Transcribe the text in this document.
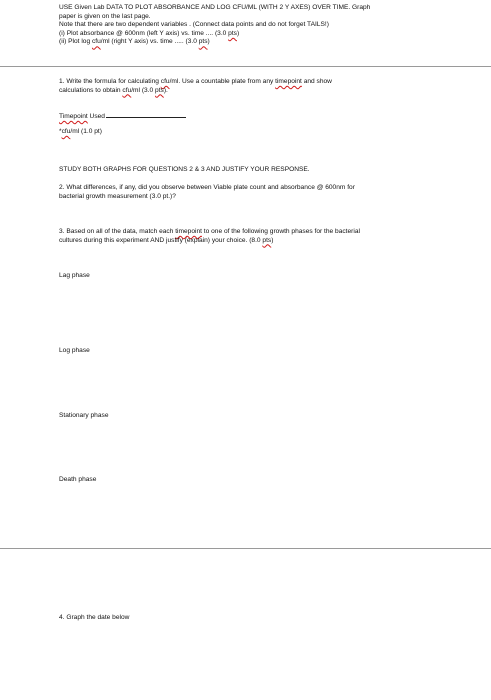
USE Given Lab DATA TO PLOT ABSORBANCE AND LOG CFU/ML (WITH 2 Y AXES) OVER TIME. Graph
paper is given on the last page.
Note that there are two dependent variables . (Connect data points and do not forget TAILS!)
(i) Plot absorbance @ 600nm (left Y axis) vs. time .... (3.0 pts)
(ii) Plot log cfu/ml (right Y axis) vs. time ..... (3.0 pts)
1. Write the formula for calculating cfu/ml. Use a countable plate from any timepoint and show
calculations to obtain cfu/ml (3.0 pts).
Timepoint Used
*cfu/ml (1.0 pt)
STUDY BOTH GRAPHS FOR QUESTIONS 2 & 3 AND JUSTIFY YOUR RESPONSE.
2. What differences, if any, did you observe between Viable plate count and absorbance @ 600nm for
bacterial growth measurement (3.0 pt.)?
3. Based on all of the data, match each timepoint to one of the following growth phases for the bacterial
cultures during this experiment AND justify (explain) your choice. (8.0 pts)
Lag phase
Log phase
Stationary phase
Death phase
4. Graph the date below
